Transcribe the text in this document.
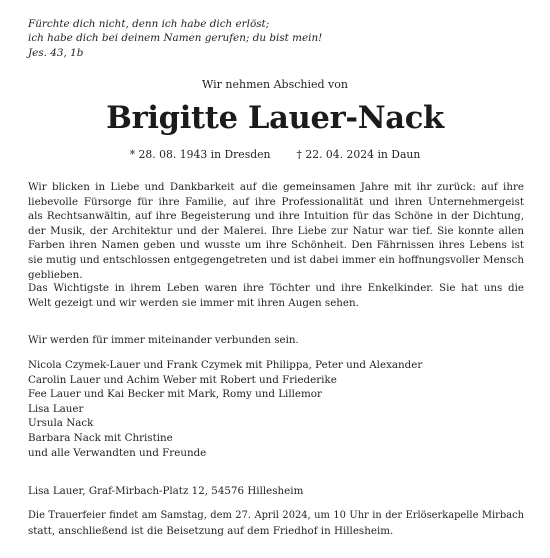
Fürchte dich nicht, denn ich habe dich erlöst;
ich habe dich bei deinem Namen gerufen; du bist mein!
Jes. 43, 1b
Wir nehmen Abschied von
Brigitte Lauer-Nack
* 28. 08. 1943 in Dresden † 22. 04. 2024 in Daun
Wir blicken in Liebe und Dankbarkeit auf die gemeinsamen Jahre mit ihr zurück: auf ihre
liebevolle Fürsorge für ihre Familie, auf ihre Professionalität und ihren Unternehmergeist
als Rechtsanwältin, auf ihre Begeisterung und ihre Intuition für das Schöne in der Dichtung,
der Musik, der Architektur und der Malerei. Ihre Liebe zur Natur war tief. Sie konnte allen
Farben ihren Namen geben und wusste um ihre Schönheit. Den Fährnissen ihres Lebens ist
sie mutig und entschlossen entgegengetreten und ist dabei immer ein hoffnungsvoller Mensch
geblieben.
Das Wichtigste in ihrem Leben waren ihre Töchter und ihre Enkelkinder. Sie hat uns die
Welt gezeigt und wir werden sie immer mit ihren Augen sehen.
Wir werden für immer miteinander verbunden sein.
Nicola Czymek-Lauer und Frank Czymek mit Philippa, Peter und Alexander
Carolin Lauer und Achim Weber mit Robert und Friederike
Fee Lauer und Kai Becker mit Mark, Romy und Lillemor
Lisa Lauer
Ursula Nack
Barbara Nack mit Christine
und alle Verwandten und Freunde
Lisa Lauer, Graf-Mirbach-Platz 12, 54576 Hillesheim
Die Trauerfeier findet am Samstag, dem 27. April 2024, um 10 Uhr in der Erlöserkapelle Mirbach
statt, anschließend ist die Beisetzung auf dem Friedhof in Hillesheim.
